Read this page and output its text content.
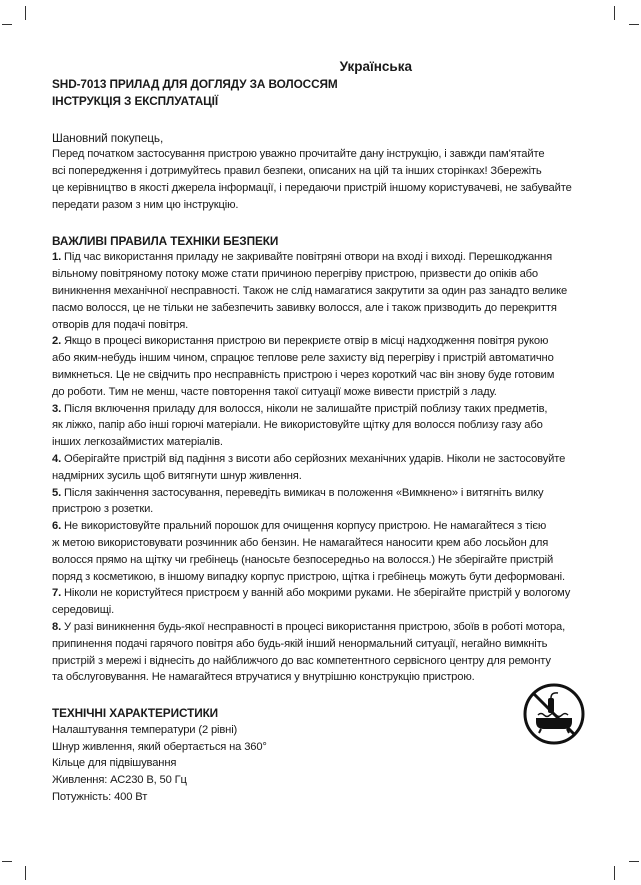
Українська
SHD-7013 ПРИЛАД ДЛЯ ДОГЛЯДУ ЗА ВОЛОССЯМ
ІНСТРУКЦІЯ З ЕКСПЛУАТАЦІЇ
Шановний покупець,

Перед початком застосування пристрою уважно прочитайте дану інструкцію, і завжди пам'ятайте

всі попередження і дотримуйтесь правил безпеки, описаних на цій та інших сторінках! Збережіть

це керівництво в якості джерела інформації, і передаючи пристрій іншому користувачеві, не забувайте

передати разом з ним цю інструкцію.

ВАЖЛИВІ ПРАВИЛА ТЕХНІКИ БЕЗПЕКИ

1. Під час використання приладу не закривайте повітряні отвори на вході і виході. Перешкоджання

вільному повітряному потоку може стати причиною перегріву пристрою, призвести до опіків або

виникнення механічної несправності. Також не слід намагатися закрутити за один раз занадто велике

пасмо волосся, це не тільки не забезпечить завивку волосся, але і також призводить до перекриття

отворів для подачі повітря.

2. Якщо в процесі використання пристрою ви перекриєте отвір в місці надходження повітря рукою

або яким-небудь іншим чином, спрацює теплове реле захисту від перегріву і пристрій автоматично

вимкнеться. Це не свідчить про несправність пристрою і через короткий час він знову буде готовим

до роботи. Тим не менш, часте повторення такої ситуації може вивести пристрій з ладу.

3. Після включення приладу для волосся, ніколи не залишайте пристрій поблизу таких предметів,

як ліжко, папір або інші горючі матеріали. Не використовуйте щітку для волосся поблизу газу або

інших легкозаймистих матеріалів.

4. Оберігайте пристрій від падіння з висоти або серйозних механічних ударів. Ніколи не застосовуйте

надмірних зусиль щоб витягнути шнур живлення.

5. Після закінчення застосування, переведіть вимикач в положення «Вимкнено» і витягніть вилку

пристрою з розетки.

6. Не використовуйте пральний порошок для очищення корпусу пристрою. Не намагайтеся з тією

ж метою використовувати розчинник або бензин. Не намагайтеся наносити крем або лосьйон для

волосся прямо на щітку чи гребінець (наносьте безпосередньо на волосся.) Не зберігайте пристрій

поряд з косметикою, в іншому випадку корпус пристрою, щітка і гребінець можуть бути деформовані.

7. Ніколи не користуйтеся пристроєм у ванній або мокрими руками. Не зберігайте пристрій у вологому

середовищі.

8. У разі виникнення будь-якої несправності в процесі використання пристрою, збоїв в роботі мотора,

припинення подачі гарячого повітря або будь-якій інший ненормальний ситуації, негайно вимкніть

пристрій з мережі і віднесіть до найближчого до вас компетентного сервісного центру для ремонту

та обслуговування. Не намагайтеся втручатися у внутрішню конструкцію пристрою.

ТЕХНІЧНІ ХАРАКТЕРИСТИКИ

Налаштування температури (2 рівні)

Шнур живлення, який обертається на 360°

Кільце для підвішування

Живлення: АС230 В, 50 Гц

Потужність: 400 Вт
